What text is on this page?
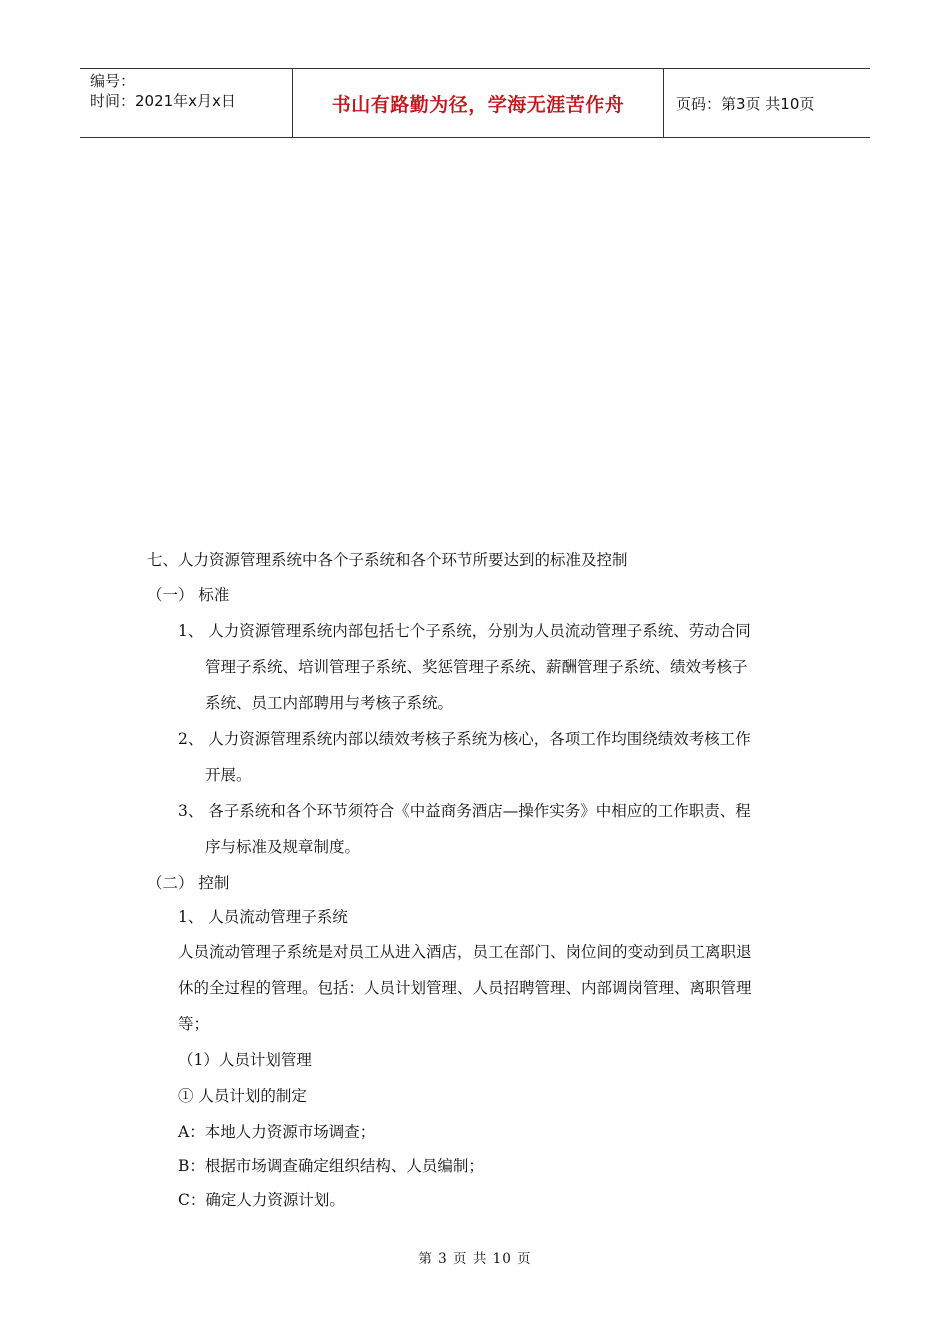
编号：
时间：2021年x月x日	书山有路勤为径，学海无涯苦作舟	页码：第3页 共10页
七、人力资源管理系统中各个子系统和各个环节所要达到的标准及控制
（一） 标准
1、 人力资源管理系统内部包括七个子系统，分别为人员流动管理子系统、劳动合同
管理子系统、培训管理子系统、奖惩管理子系统、薪酬管理子系统、绩效考核子
系统、员工内部聘用与考核子系统。
2、 人力资源管理系统内部以绩效考核子系统为核心，各项工作均围绕绩效考核工作
开展。
3、 各子系统和各个环节须符合《中益商务酒店—操作实务》中相应的工作职责、程
序与标准及规章制度。
（二） 控制
1、 人员流动管理子系统
人员流动管理子系统是对员工从进入酒店，员工在部门、岗位间的变动到员工离职退
休的全过程的管理。包括：人员计划管理、人员招聘管理、内部调岗管理、离职管理
等；
（1）人员计划管理
① 人员计划的制定
A：本地人力资源市场调查；
B：根据市场调查确定组织结构、人员编制；
C：确定人力资源计划。
第 3 页 共 10 页
